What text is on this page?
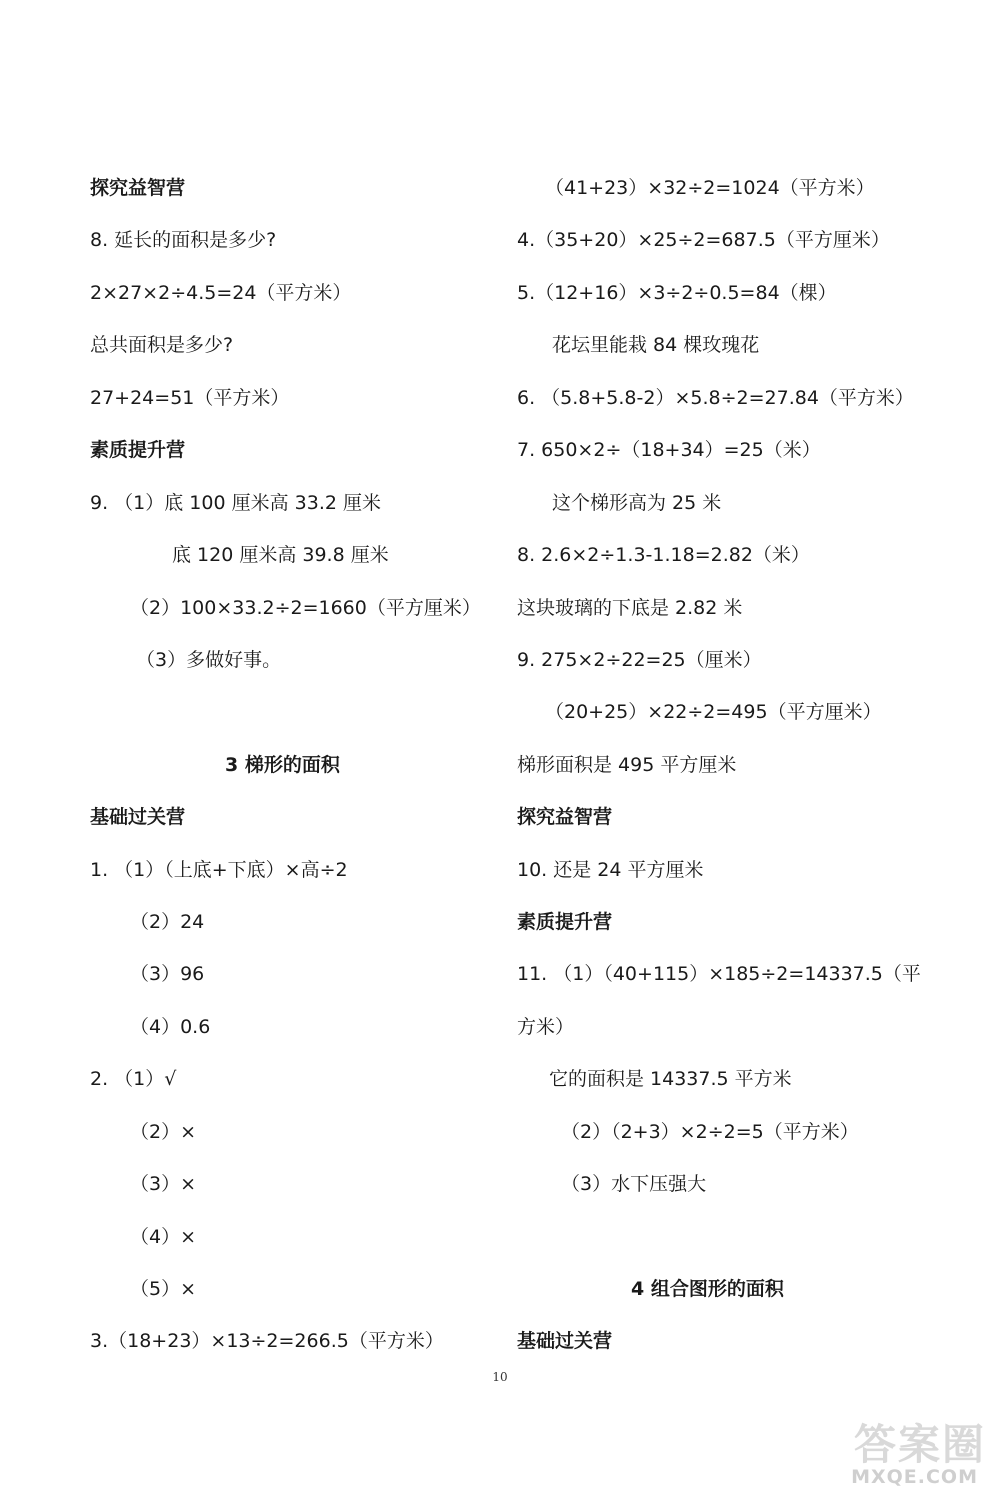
探究益智营
8. 延长的面积是多少?
2×27×2÷4.5=24（平方米）
总共面积是多少?
27+24=51（平方米）
素质提升营
9. （1）底 100 厘米高 33.2 厘米
底 120 厘米高 39.8 厘米
（2）100×33.2÷2=1660（平方厘米）
（3）多做好事。
3 梯形的面积
基础过关营
1. （1）（上底+下底）×高÷2
（2）24
（3）96
（4）0.6
2. （1）√
（2）×
（3）×
（4）×
（5）×
3.（18+23）×13÷2=266.5（平方米）
（41+23）×32÷2=1024（平方米）
4.（35+20）×25÷2=687.5（平方厘米）
5.（12+16）×3÷2÷0.5=84（棵）
花坛里能栽 84 棵玫瑰花
6. （5.8+5.8-2）×5.8÷2=27.84（平方米）
7. 650×2÷（18+34）=25（米）
这个梯形高为 25 米
8. 2.6×2÷1.3-1.18=2.82（米）
这块玻璃的下底是 2.82 米
9. 275×2÷22=25（厘米）
（20+25）×22÷2=495（平方厘米）
梯形面积是 495 平方厘米
探究益智营
10. 还是 24 平方厘米
素质提升营
11. （1）（40+115）×185÷2=14337.5（平
方米）
它的面积是 14337.5 平方米
（2）（2+3）×2÷2=5（平方米）
（3）水下压强大
4 组合图形的面积
基础过关营
10
答案圈
MXQE.COM
